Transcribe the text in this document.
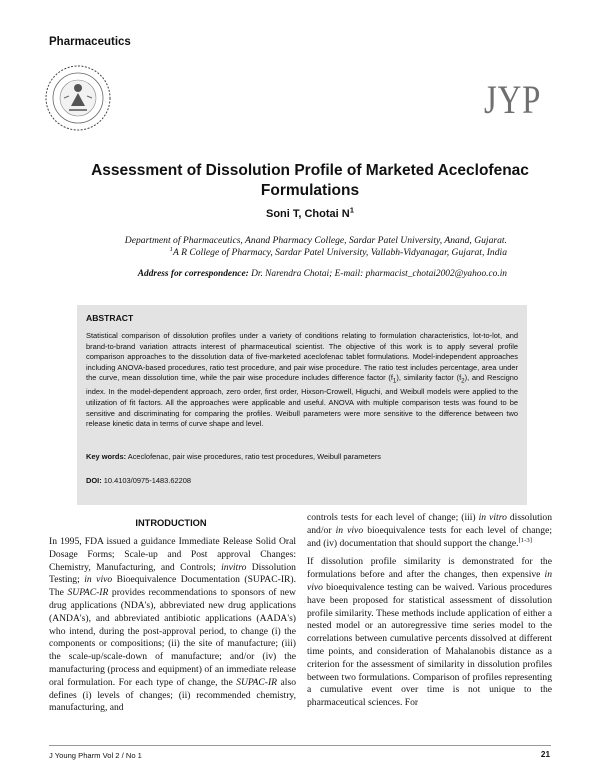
Pharmaceutics
JYP
Assessment of Dissolution Profile of Marketed Aceclofenac Formulations
Soni T, Chotai $N^1$
Department of Pharmaceutics, Anand Pharmacy College, Sardar Patel University, Anand, Gujarat.
$^1$A R College of Pharmacy, Sardar Patel University, Vallabh-Vidyanagar, Gujarat, India
Address for correspondence: Dr. Narendra Chotai; E-mail: pharmacist_chotai2002@yahoo.co.in
ABSTRACT
Statistical comparison of dissolution profiles under a variety of conditions relating to formulation characteristics, lot-to-lot, and brand-to-brand variation attracts interest of pharmaceutical scientist. The objective of this work is to apply several profile comparison approaches to the dissolution data of five-marketed aceclofenac tablet formulations. Model-independent approaches including ANOVA-based procedures, ratio test procedure, and pair wise procedure. The ratio test includes percentage, area under the curve, mean dissolution time, while the pair wise procedure includes difference factor $(f_1)$, similarity factor $(f_2)$, and Rescigno index. In the model-dependent approach, zero order, first order, Hixson-Crowell, Higuchi, and Weibull models were applied to the utilization of fit factors. All the approaches were applicable and useful. ANOVA with multiple comparison tests was found to be sensitive and discriminating for comparing the profiles. Weibull parameters were more sensitive to the difference between two release kinetic data in terms of curve shape and level.
Key words: Aceclofenac, pair wise procedures, ratio test procedures, Weibull parameters
DOI: 10.4103/0975-1483.62208
INTRODUCTION

In 1995, FDA issued a guidance Immediate Release Solid Oral Dosage Forms; Scale-up and Post approval Changes: Chemistry, Manufacturing, and Controls; invitro Dissolution Testing; in vivo Bioequivalence Documentation (SUPAC-IR). The SUPAC-IR provides recommendations to sponsors of new drug applications (NDA's), abbreviated new drug applications (ANDA's), and abbreviated antibiotic applications (AADA's) who intend, during the post-approval period, to change (i) the components or compositions; (ii) the site of manufacture; (iii) the scale-up/scale-down of manufacture; and/or (iv) the manufacturing (process and equipment) of an immediate release oral formulation. For each type of change, the SUPAC-IR also defines (i) levels of changes; (ii) recommended chemistry, manufacturing, and

controls tests for each level of change; (iii) in vitro dissolution and/or in vivo bioequivalence tests for each level of change; and (iv) documentation that should support the change.[1-3]

If dissolution profile similarity is demonstrated for the formulations before and after the changes, then expensive in vivo bioequivalence testing can be waived. Various procedures have been proposed for statistical assessment of dissolution profile similarity. These methods include application of either a nested model or an autoregressive time series model to the correlations between cumulative percents dissolved at different time points, and consideration of Mahalanobis distance as a criterion for the assessment of similarity in dissolution profiles between two formulations. Comparison of profiles representing a cumulative event over time is not unique to the pharmaceutical sciences. For

J Young Pharm Vol 2 / No 1	21
